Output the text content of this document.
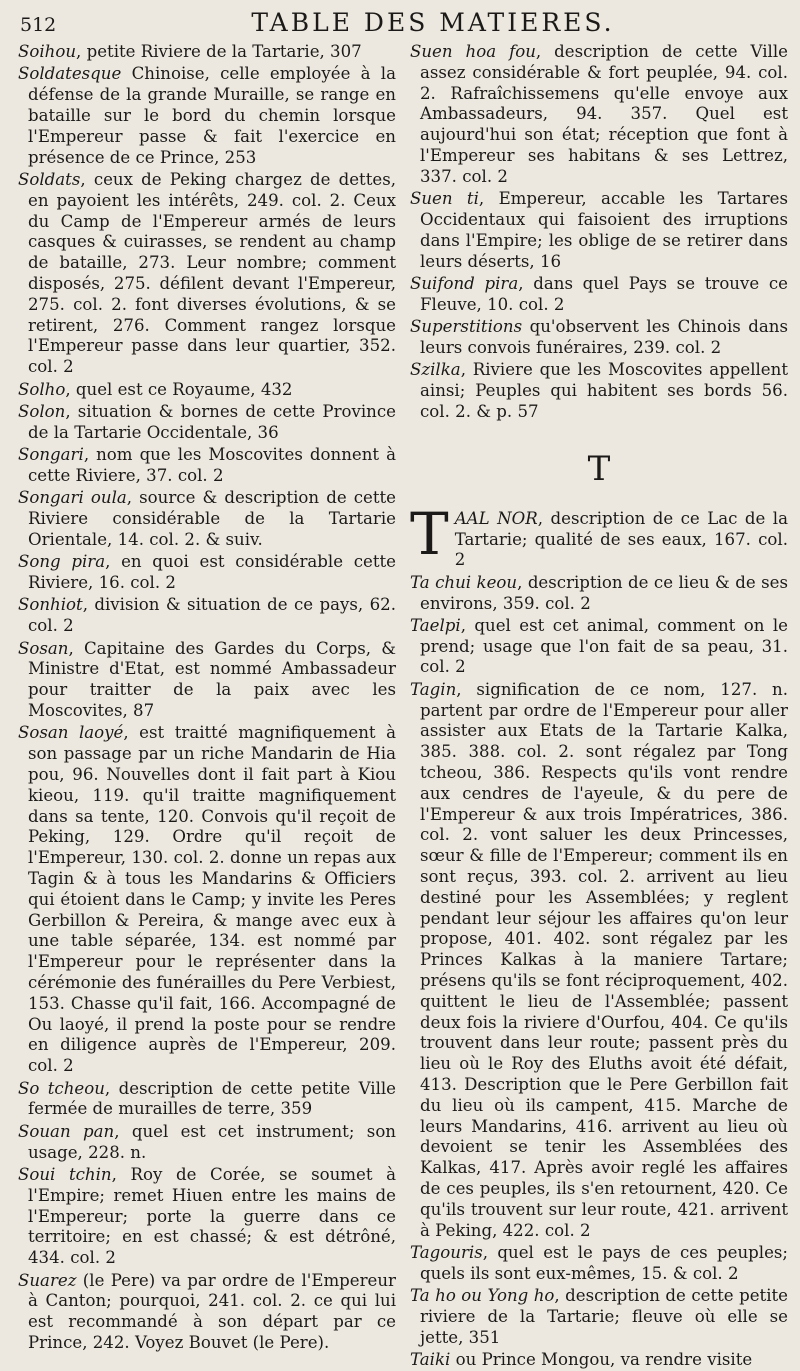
512	TABLE DES MATIERES.

Soihou, petite Riviere de la Tartarie, 307

Soldatesque Chinoise, celle employée à la défense de la grande Muraille, se range en bataille sur le bord du chemin lorsque l'Empereur passe & fait l'exercice en présence de ce Prince, 253

Soldats, ceux de Peking chargez de dettes, en payoient les intérêts, 249. col. 2. Ceux du Camp de l'Empereur armés de leurs casques & cuirasses, se rendent au champ de bataille, 273. Leur nombre; comment disposés, 275. défilent devant l'Empereur, 275. col. 2. font diverses évolutions, & se retirent, 276. Comment rangez lorsque l'Empereur passe dans leur quartier, 352. col. 2

Solho, quel est ce Royaume, 432

Solon, situation & bornes de cette Province de la Tartarie Occidentale, 36

Songari, nom que les Moscovites donnent à cette Riviere, 37. col. 2

Songari oula, source & description de cette Riviere considérable de la Tartarie Orientale, 14. col. 2. & suiv.

Song pira, en quoi est considérable cette Riviere, 16. col. 2

Sonhiot, division & situation de ce pays, 62. col. 2

Sosan, Capitaine des Gardes du Corps, & Ministre d'Etat, est nommé Ambassadeur pour traitter de la paix avec les Moscovites, 87

Sosan laoyé, est traitté magnifiquement à son passage par un riche Mandarin de Hia pou, 96. Nouvelles dont il fait part à Kiou kieou, 119. qu'il traitte magnifiquement dans sa tente, 120. Convois qu'il reçoit de Peking, 129. Ordre qu'il reçoit de l'Empereur, 130. col. 2. donne un repas aux Tagin & à tous les Mandarins & Officiers qui étoient dans le Camp; y invite les Peres Gerbillon & Pereira, & mange avec eux à une table séparée, 134. est nommé par l'Empereur pour le représenter dans la cérémonie des funérailles du Pere Verbiest, 153. Chasse qu'il fait, 166. Accompagné de Ou laoyé, il prend la poste pour se rendre en diligence auprès de l'Empereur, 209. col. 2

So tcheou, description de cette petite Ville fermée de murailles de terre, 359

Souan pan, quel est cet instrument; son usage, 228. n.

Soui tchin, Roy de Corée, se soumet à l'Empire; remet Hiuen entre les mains de l'Empereur; porte la guerre dans ce territoire; en est chassé; & est détrôné, 434. col. 2

Suarez (le Pere) va par ordre de l'Empereur à Canton; pourquoi, 241. col. 2. ce qui lui est recommandé à son départ par ce Prince, 242. Voyez Bouvet (le Pere).

Suen hoa fou, description de cette Ville assez considérable & fort peuplée, 94. col. 2. Rafraîchissemens qu'elle envoye aux Ambassadeurs, 94. 357. Quel est aujourd'hui son état; réception que font à l'Empereur ses habitans & ses Lettrez, 337. col. 2

Suen ti, Empereur, accable les Tartares Occidentaux qui faisoient des irruptions dans l'Empire; les oblige de se retirer dans leurs déserts, 16

Suifond pira, dans quel Pays se trouve ce Fleuve, 10. col. 2

Superstitions qu'observent les Chinois dans leurs convois funéraires, 239. col. 2

Szilka, Riviere que les Moscovites appellent ainsi; Peuples qui habitent ses bords 56. col. 2. & p. 57

T

TAAL NOR, description de ce Lac de la Tartarie; qualité de ses eaux, 167. col. 2

Ta chui keou, description de ce lieu & de ses environs, 359. col. 2

Taelpi, quel est cet animal, comment on le prend; usage que l'on fait de sa peau, 31. col. 2

Tagin, signification de ce nom, 127. n. partent par ordre de l'Empereur pour aller assister aux Etats de la Tartarie Kalka, 385. 388. col. 2. sont régalez par Tong tcheou, 386. Respects qu'ils vont rendre aux cendres de l'ayeule, & du pere de l'Empereur & aux trois Impératrices, 386. col. 2. vont saluer les deux Princesses, sœur & fille de l'Empereur; comment ils en sont reçus, 393. col. 2. arrivent au lieu destiné pour les Assemblées; y reglent pendant leur séjour les affaires qu'on leur propose, 401. 402. sont régalez par les Princes Kalkas à la maniere Tartare; présens qu'ils se font réciproquement, 402. quittent le lieu de l'Assemblée; passent deux fois la riviere d'Ourfou, 404. Ce qu'ils trouvent dans leur route; passent près du lieu où le Roy des Eluths avoit été défait, 413. Description que le Pere Gerbillon fait du lieu où ils campent, 415. Marche de leurs Mandarins, 416. arrivent au lieu où devoient se tenir les Assemblées des Kalkas, 417. Après avoir reglé les affaires de ces peuples, ils s'en retournent, 420. Ce qu'ils trouvent sur leur route, 421. arrivent à Peking, 422. col. 2

Tagouris, quel est le pays de ces peuples; quels ils sont eux-mêmes, 15. & col. 2

Ta ho ou Yong ho, description de cette petite riviere de la Tartarie; fleuve où elle se jette, 351

Taiki ou Prince Mongou, va rendre visite
